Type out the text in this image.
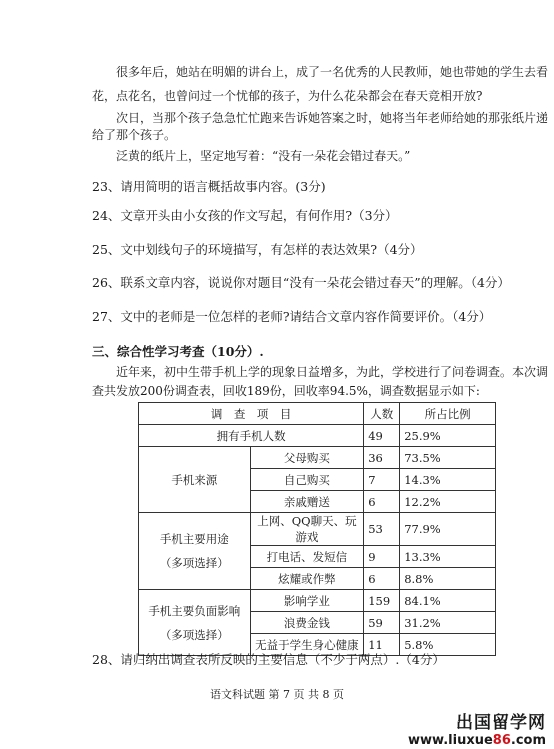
很多年后，她站在明媚的讲台上，成了一名优秀的人民教师，她也带她的学生去看
花，点花名，也曾问过一个忧郁的孩子，为什么花朵都会在春天竞相开放?
次日，当那个孩子急急忙忙跑来告诉她答案之时，她将当年老师给她的那张纸片递
给了那个孩子。
泛黄的纸片上，坚定地写着：“没有一朵花会错过春天。”
23、请用简明的语言概括故事内容。(3分)
24、文章开头由小女孩的作文写起，有何作用?（3分）
25、文中划线句子的环境描写，有怎样的表达效果?（4分）
26、联系文章内容，说说你对题目“没有一朵花会错过春天”的理解。（4分）
27、文中的老师是一位怎样的老师?请结合文章内容作简要评价。（4分）
三、综合性学习考查（10分）.
近年来，初中生带手机上学的现象日益增多，为此，学校进行了问卷调查。本次调
查共发放200份调查表，回收189份，回收率94.5%，调查数据显示如下:
调　查　项　目		人数	所占比例
拥有手机人数		49	25.9%
手机来源	父母购买	36	73.5%
	自己购买	7	14.3%
	亲戚赠送	6	12.2%

手机主要用途
（多项选择）	上网、QQ聊天、玩游戏	53	77.9%
	打电话、发短信	9	13.3%
	炫耀或作弊	6	8.8%

手机主要负面影响
（多项选择）	影响学业	159	84.1%
	浪费金钱	59	31.2%
	无益于学生身心健康	11	5.8%
28、请归纳出调查表所反映的主要信息（不少于两点）.（4分）
语文科试题 第 7 页 共 8 页
出国留学网
www.liuxue86.com
